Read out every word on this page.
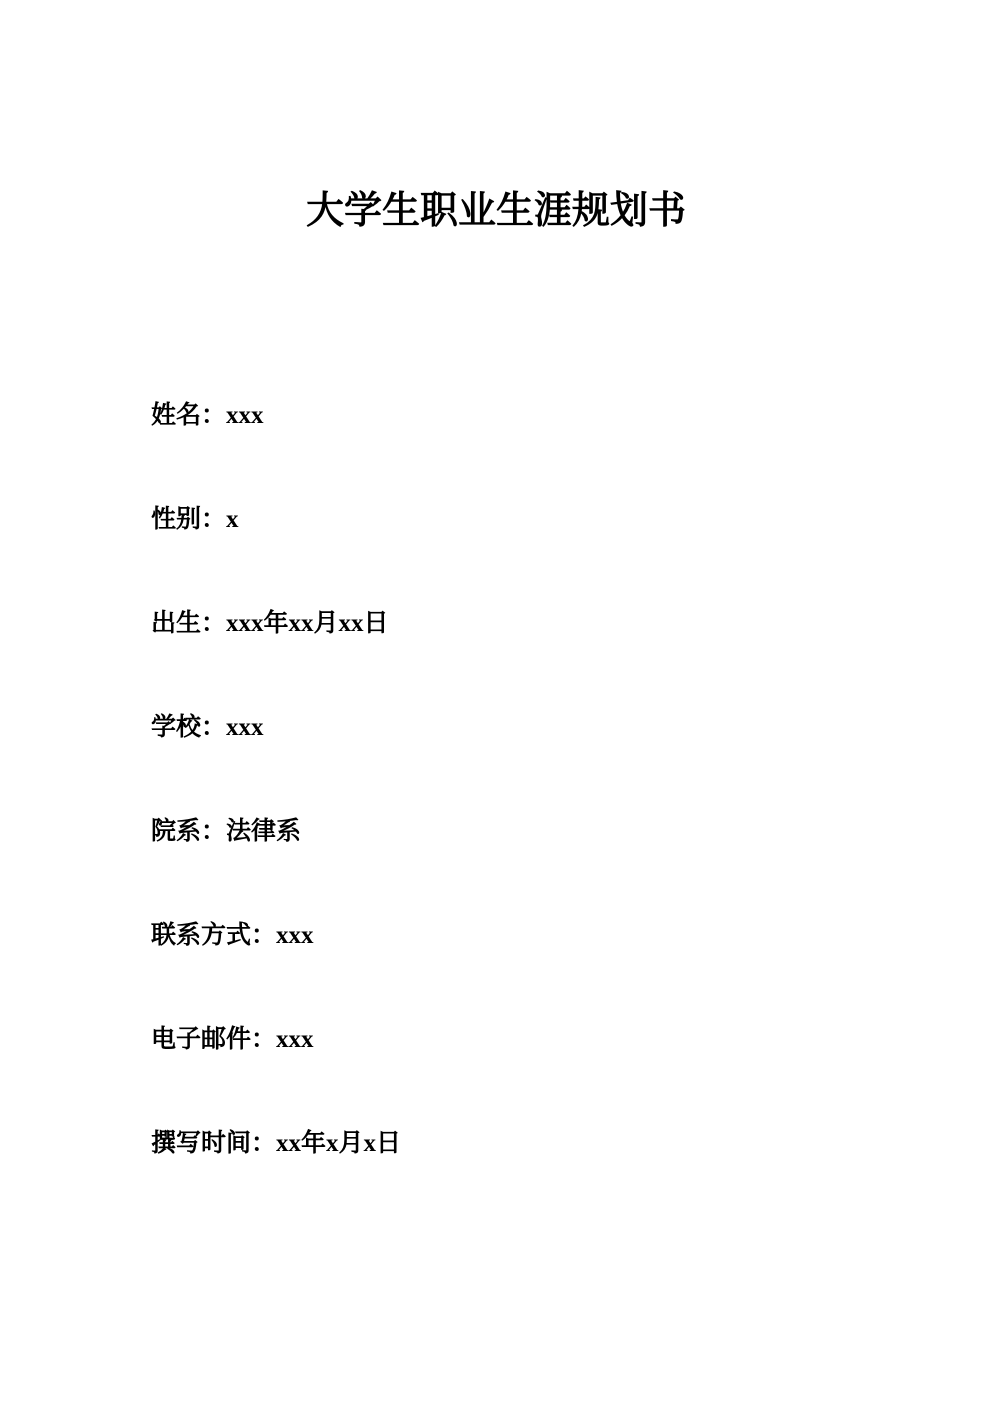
大学生职业生涯规划书
姓名：xxx
性别：x
出生：xxx年xx月xx日
学校：xxx
院系：法律系
联系方式：xxx
电子邮件：xxx
撰写时间：xx年x月x日
